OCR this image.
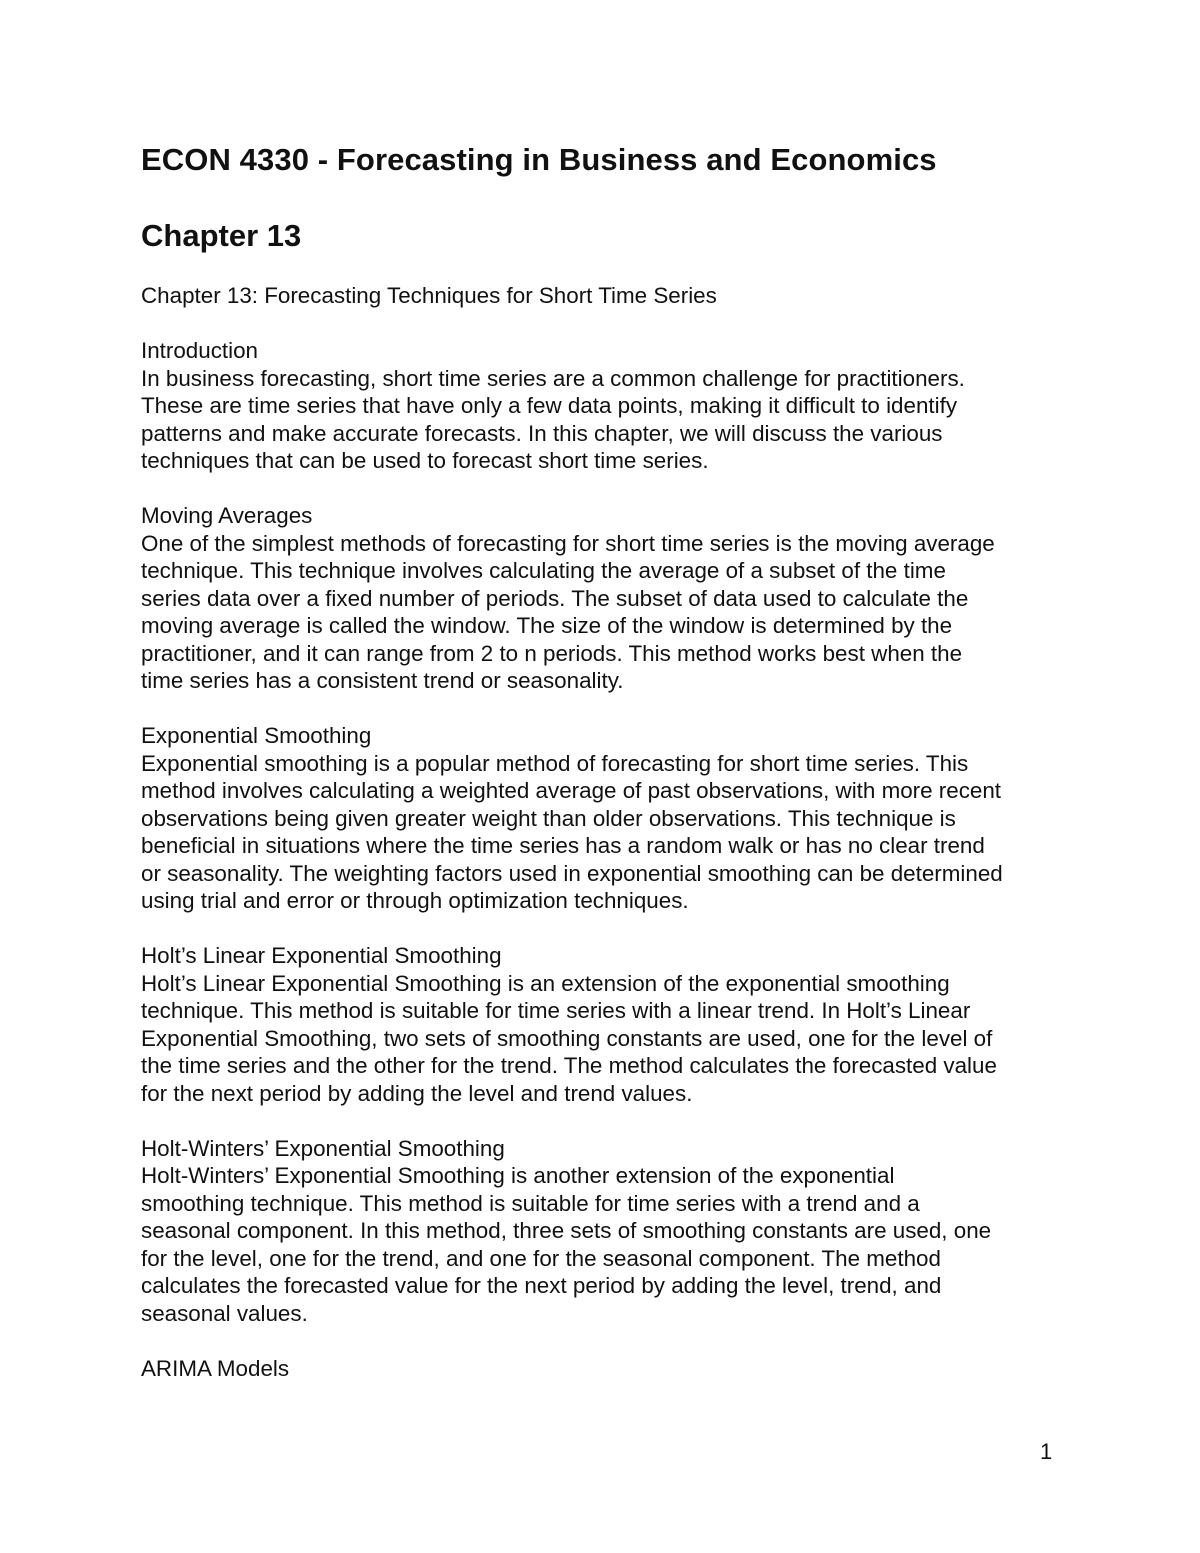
ECON 4330 - Forecasting in Business and Economics
Chapter 13
Chapter 13: Forecasting Techniques for Short Time Series
Introduction
In business forecasting, short time series are a common challenge for practitioners.
These are time series that have only a few data points, making it difficult to identify
patterns and make accurate forecasts. In this chapter, we will discuss the various
techniques that can be used to forecast short time series.
Moving Averages
One of the simplest methods of forecasting for short time series is the moving average
technique. This technique involves calculating the average of a subset of the time
series data over a fixed number of periods. The subset of data used to calculate the
moving average is called the window. The size of the window is determined by the
practitioner, and it can range from 2 to n periods. This method works best when the
time series has a consistent trend or seasonality.
Exponential Smoothing
Exponential smoothing is a popular method of forecasting for short time series. This
method involves calculating a weighted average of past observations, with more recent
observations being given greater weight than older observations. This technique is
beneficial in situations where the time series has a random walk or has no clear trend
or seasonality. The weighting factors used in exponential smoothing can be determined
using trial and error or through optimization techniques.
Holt’s Linear Exponential Smoothing
Holt’s Linear Exponential Smoothing is an extension of the exponential smoothing
technique. This method is suitable for time series with a linear trend. In Holt’s Linear
Exponential Smoothing, two sets of smoothing constants are used, one for the level of
the time series and the other for the trend. The method calculates the forecasted value
for the next period by adding the level and trend values.
Holt-Winters’ Exponential Smoothing
Holt-Winters’ Exponential Smoothing is another extension of the exponential
smoothing technique. This method is suitable for time series with a trend and a
seasonal component. In this method, three sets of smoothing constants are used, one
for the level, one for the trend, and one for the seasonal component. The method
calculates the forecasted value for the next period by adding the level, trend, and
seasonal values.
ARIMA Models
1
